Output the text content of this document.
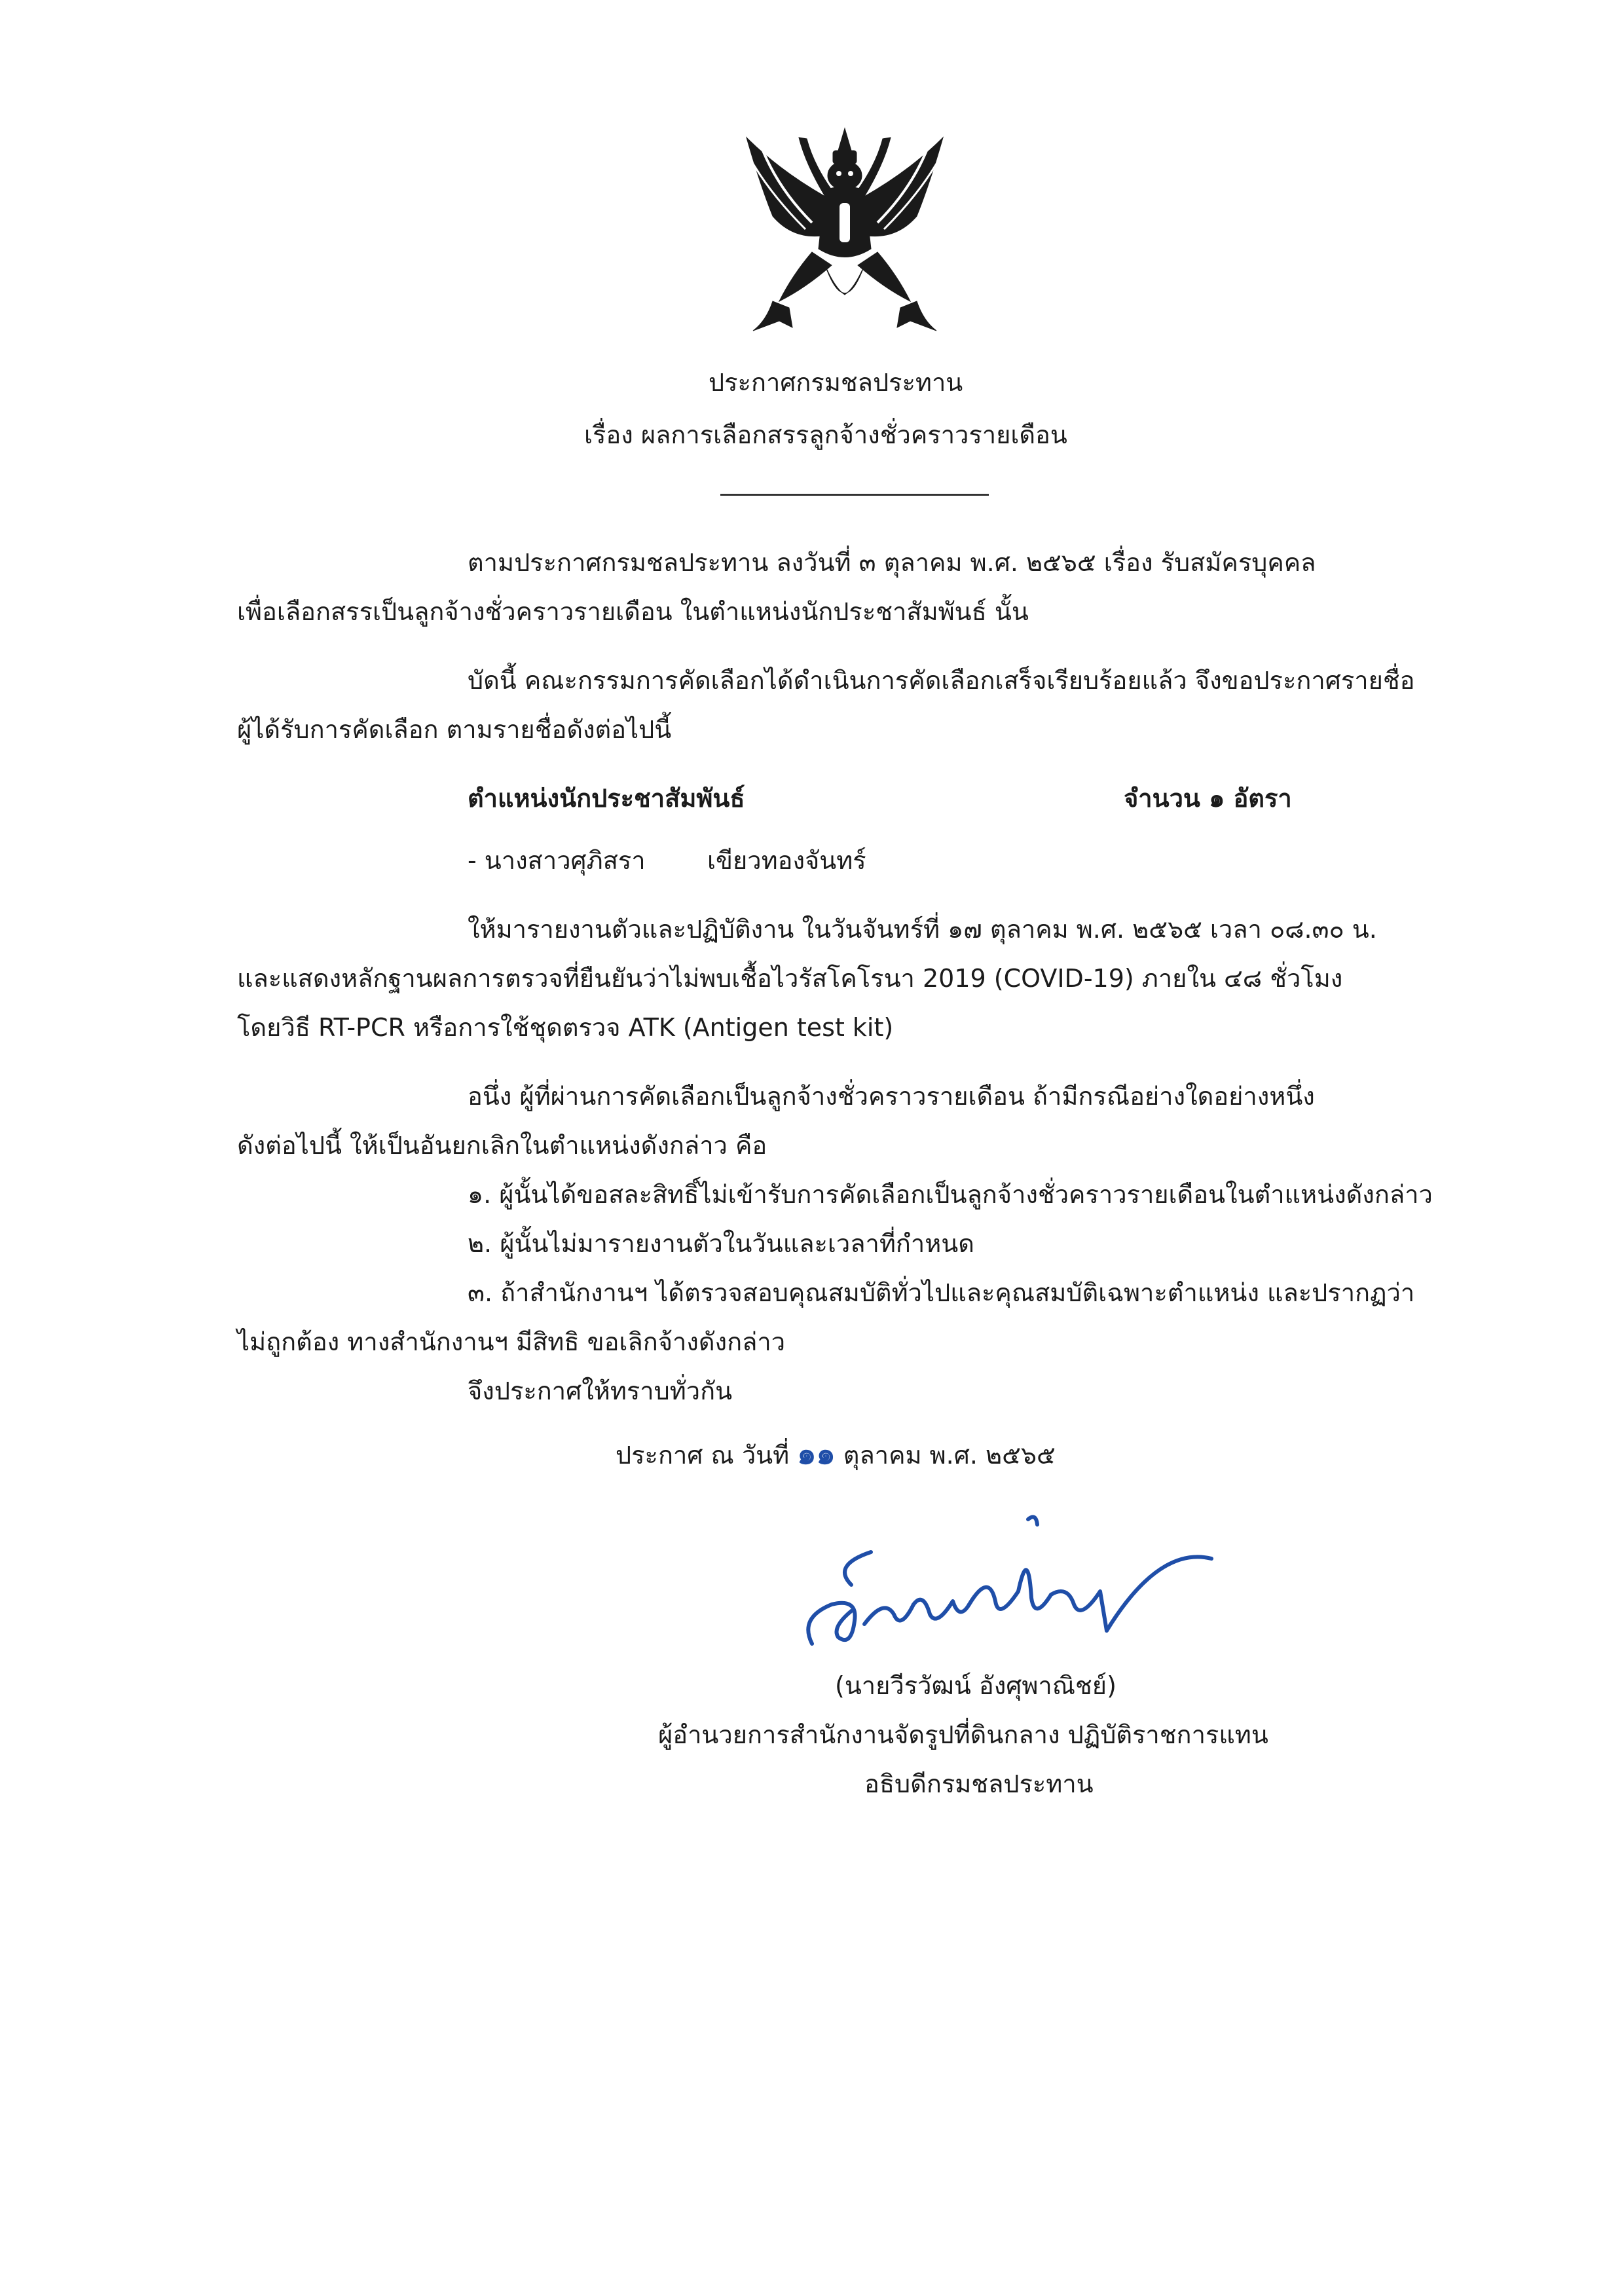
ประกาศกรมชลประทาน
เรื่อง ผลการเลือกสรรลูกจ้างชั่วคราวรายเดือน
ตามประกาศกรมชลประทาน ลงวันที่ ๓ ตุลาคม พ.ศ. ๒๕๖๕ เรื่อง รับสมัครบุคคล
เพื่อเลือกสรรเป็นลูกจ้างชั่วคราวรายเดือน ในตำแหน่งนักประชาสัมพันธ์ นั้น
บัดนี้ คณะกรรมการคัดเลือกได้ดำเนินการคัดเลือกเสร็จเรียบร้อยแล้ว จึงขอประกาศรายชื่อ
ผู้ได้รับการคัดเลือก ตามรายชื่อดังต่อไปนี้
ตำแหน่งนักประชาสัมพันธ์	จำนวน ๑ อัตรา
- นางสาวศุภิสรา เขียวทองจันทร์
ให้มารายงานตัวและปฏิบัติงาน ในวันจันทร์ที่ ๑๗ ตุลาคม พ.ศ. ๒๕๖๕ เวลา ๐๘.๓๐ น.
และแสดงหลักฐานผลการตรวจที่ยืนยันว่าไม่พบเชื้อไวรัสโคโรนา 2019 (COVID-19) ภายใน ๔๘ ชั่วโมง
โดยวิธี RT-PCR หรือการใช้ชุดตรวจ ATK (Antigen test kit)
อนึ่ง ผู้ที่ผ่านการคัดเลือกเป็นลูกจ้างชั่วคราวรายเดือน ถ้ามีกรณีอย่างใดอย่างหนึ่ง
ดังต่อไปนี้ ให้เป็นอันยกเลิกในตำแหน่งดังกล่าว คือ
๑. ผู้นั้นได้ขอสละสิทธิ์ไม่เข้ารับการคัดเลือกเป็นลูกจ้างชั่วคราวรายเดือนในตำแหน่งดังกล่าว
๒. ผู้นั้นไม่มารายงานตัวในวันและเวลาที่กำหนด
๓. ถ้าสำนักงานฯ ได้ตรวจสอบคุณสมบัติทั่วไปและคุณสมบัติเฉพาะตำแหน่ง และปรากฏว่า
ไม่ถูกต้อง ทางสำนักงานฯ มีสิทธิ ขอเลิกจ้างดังกล่าว
จึงประกาศให้ทราบทั่วกัน
ประกาศ ณ วันที่ ๑๑ ตุลาคม พ.ศ. ๒๕๖๕
(นายวีรวัฒน์ อังศุพาณิชย์)
ผู้อำนวยการสำนักงานจัดรูปที่ดินกลาง ปฏิบัติราชการแทน
อธิบดีกรมชลประทาน
